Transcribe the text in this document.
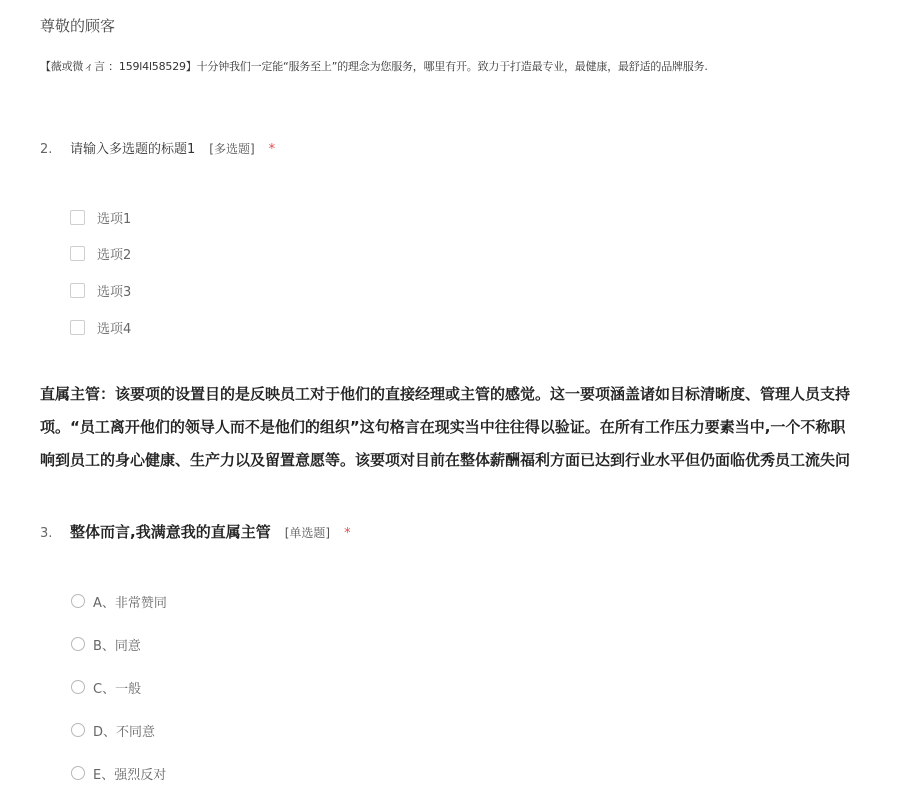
尊敬的顾客
【薇或微ィ言 ：159l4l58529】十分钟我们一定能“服务至上”的理念为您服务，哪里有开。致力于打造最专业，最健康，最舒适的品牌服务.
2.	请输入多选题的标题1 [多选题] *
选项1
选项2
选项3
选项4
直属主管：该要项的设置目的是反映员工对于他们的直接经理或主管的感觉。这一要项涵盖诸如目标清晰度、管理人员支持
项。“员工离开他们的领导人而不是他们的组织”这句格言在现实当中往往得以验证。在所有工作压力要素当中,一个不称职
响到员工的身心健康、生产力以及留置意愿等。该要项对目前在整体薪酬福利方面已达到行业水平但仍面临优秀员工流失问
3.	整体而言,我满意我的直属主管 [单选题] *
A、非常赞同
B、同意
C、一般
D、不同意
E、强烈反对
